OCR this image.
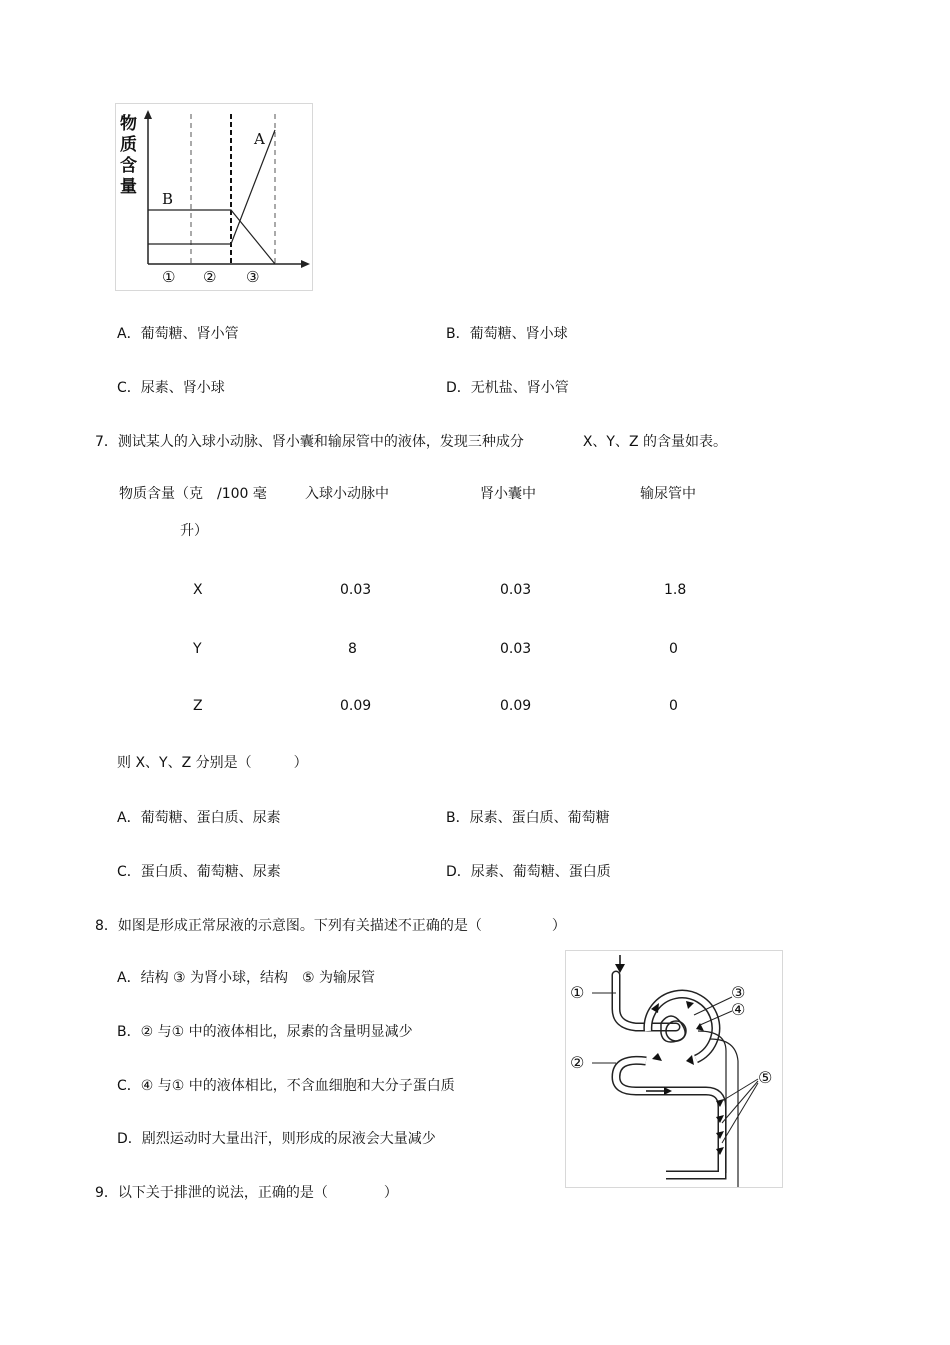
物
质
含
量
A
B
① ② ③
A．葡萄糖、肾小管	B．葡萄糖、肾小球
C．尿素、肾小球	D．无机盐、肾小管
7．测试某人的入球小动脉、肾小囊和输尿管中的液体，发现三种成分	X、Y、Z 的含量如表。
物质含量（克　/100 毫
升）
入球小动脉中	肾小囊中	输尿管中
X	0.03	0.03	1.8
Y	8	0.03	0
Z	0.09	0.09	0
则 X、Y、Z 分别是（　　　）
A．葡萄糖、蛋白质、尿素	B．尿素、蛋白质、葡萄糖
C．蛋白质、葡萄糖、尿素	D．尿素、葡萄糖、蛋白质
8．如图是形成正常尿液的示意图。下列有关描述不正确的是（　　　　　）
A．结构 ③ 为肾小球，结构　⑤ 为输尿管
B．② 与① 中的液体相比，尿素的含量明显减少
C．④ 与① 中的液体相比，不含血细胞和大分子蛋白质
D．剧烈运动时大量出汗，则形成的尿液会大量减少
①
②
③
④
⑤
9．以下关于排泄的说法，正确的是（　　　　）
